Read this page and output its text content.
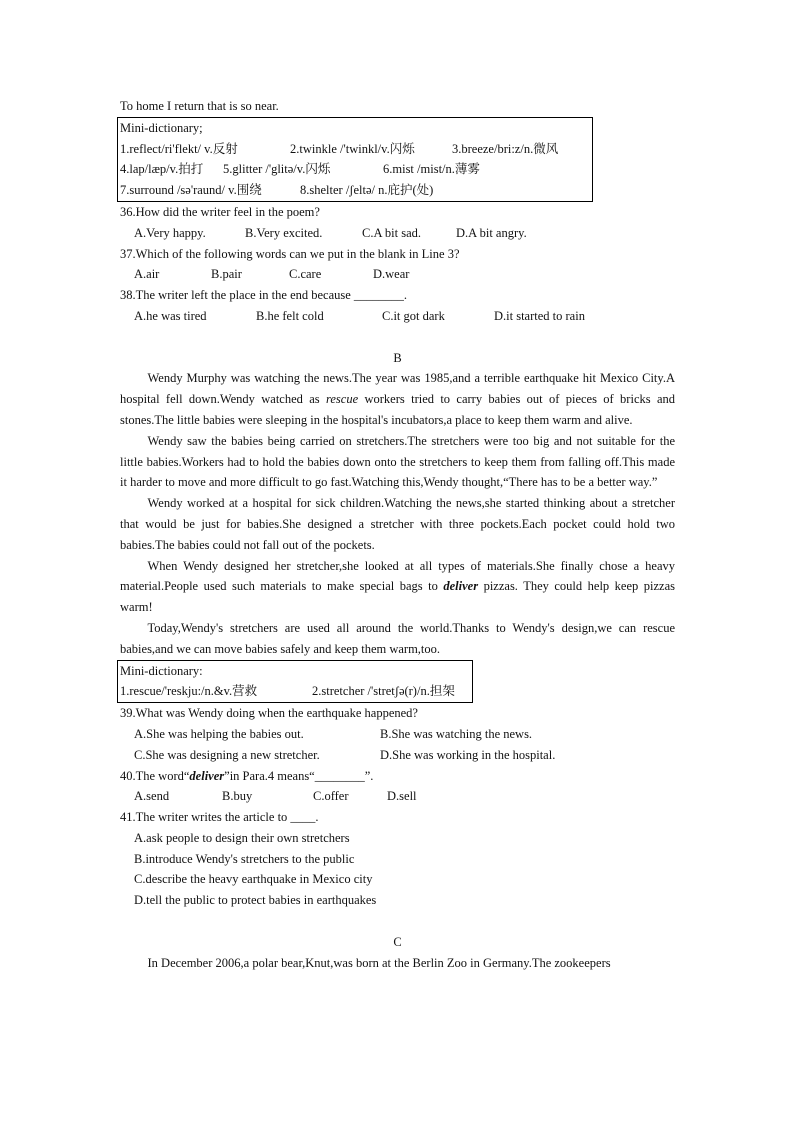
To home I return that is so near.
Mini-dictionary;
1.reflect/ri'flekt/ v.反射	2.twinkle /'twinkl/v.闪烁	3.breeze/bri:z/n.微风
4.lap/læp/v.拍打 5.glitter /'glitə/v.闪烁	6.mist /mist/n.薄雾
7.surround /sə'raund/ v.围绕	8.shelter /ʃeltə/ n.庇护(处)
36.How did the writer feel in the poem?
A.Very happy.	B.Very excited.	C.A bit sad.	D.A bit angry.
37.Which of the following words can we put in the blank in Line 3?
A.air	B.pair	C.care	D.wear
38.The writer left the place in the end because ________.
A.he was tired	B.he felt cold	C.it got dark	D.it started to rain
B

Wendy Murphy was watching the news.The year was 1985,and a terrible earthquake hit Mexico City.A hospital fell down.Wendy watched as rescue workers tried to carry babies out of pieces of bricks and stones.The little babies were sleeping in the hospital's incubators,a place to keep them warm and alive.

Wendy saw the babies being carried on stretchers.The stretchers were too big and not suitable for the little babies.Workers had to hold the babies down onto the stretchers to keep them from falling off.This made it harder to move and more difficult to go fast.Watching this,Wendy thought,“There has to be a better way.”

Wendy worked at a hospital for sick children.Watching the news,she started thinking about a stretcher that would be just for babies.She designed a stretcher with three pockets.Each pocket could hold two babies.The babies could not fall out of the pockets.

When Wendy designed her stretcher,she looked at all types of materials.She finally chose a heavy material.People used such materials to make special bags to deliver pizzas. They could help keep pizzas warm!

Today,Wendy's stretchers are used all around the world.Thanks to Wendy's design,we can rescue babies,and we can move babies safely and keep them warm,too.

Mini-dictionary:
1.rescue/'reskju:/n.&v.营救	2.stretcher /'stretʃə(r)/n.担架
39.What was Wendy doing when the earthquake happened?
A.She was helping the babies out.	B.She was watching the news.
C.She was designing a new stretcher.	D.She was working in the hospital.
40.The word“deliver”in Para.4 means“________”.
A.send	B.buy	C.offer	D.sell
41.The writer writes the article to ____.
A.ask people to design their own stretchers
B.introduce Wendy's stretchers to the public
C.describe the heavy earthquake in Mexico city
D.tell the public to protect babies in earthquakes
C

In December 2006,a polar bear,Knut,was born at the Berlin Zoo in Germany.The zookeepers
